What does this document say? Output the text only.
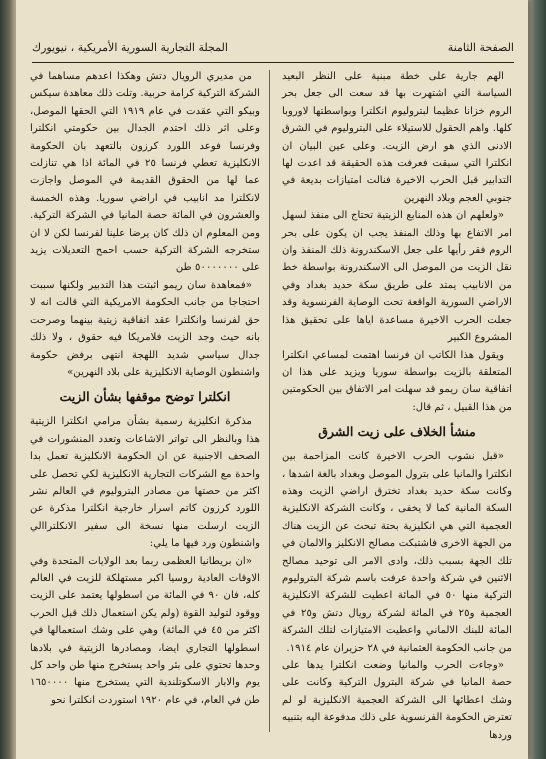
الصفحة الثامنة
المجلة التجارية السورية الأمريكية ، نيويورك

الهم جارية على خطة مبنية على النظر البعيد السياسة التي اشتهرت بها قد سعت الى جعل بحر الروم خزانا عظيما لبتروليوم انكلترا وبواسطتها لاوروبا كلها. واهم الحقول للاستيلاء على البتروليوم في الشرق الادنى الذي هو ارض الزيت. وعلى عين البيان ان انكلترا التي سبقت فعرفت هذه الحقيقة قد اعدت لها التدابير قبل الحرب الاخيرة فنالت امتيازات بديعة في جنوبي العجم وبلاد النهرين

«ولعلهم ان هذه المنابع الزيتية تحتاج الى منفذ لسهل امر الاتفاع بها وذلك المنفذ يجب ان يكون على بحر الروم فقر رأيها على جعل الاسكندرونة ذلك المنفذ وان نقل الزيت من الموصل الى الاسكندرونة بواسطة خط من الانابيب يمتد على طريق سكة حديد بغداد وفي الاراضي السورية الواقعة تحت الوصاية الفرنسوية وقد جعلت الحرب الاخيرة مساعدة اياها على تحقيق هذا المشروع الكبير

ويقول هذا الكاتب ان فرنسا اهتمت لمساعي انكلترا المتعلقة بالزيت بواسطة سوريا ويزيد على هذا ان اتفاقية سان ريمو قد سهلت امر الاتفاق بين الحكومتين من هذا القبيل ، ثم قال:

منشأ الخلاف على زيت الشرق

«قبل نشوب الحرب الاخيرة كانت المزاحمة بين انكلترا والمانيا على بترول الموصل وبغداد بالغة اشدها ، وكانت سكة حديد بغداد تخترق اراضي الزيت وهذه السكة المانية كما لا يخفى ، وكانت الشركة الانكليزية العجمية التي هي انكليزية بحتة تبحث عن الزيت هناك من الجهة الاخرى فاشتبكت مصالح الانكليز والالمان في تلك الجهة بسبب ذلك، وادى الامر الى توحيد مصالح الاثنين في شركة واحدة عرفت باسم شركة البتروليوم التركية منها ٥٠ في المائة اعطيت للشركة الانكليزية العجمية و٢٥ في المائة لشركة رويال دتش و٢٥ في المائة للبنك الالماني واعطيت الامتيازات لتلك الشركة من جانب الحكومة العثمانية في ٢٨ حزيران عام ١٩١٤.

«وجاءت الحرب والمانيا وضعت انكلترا يدها على حصة المانيا في شركة البترول التركية وكانت على وشك اعطائها الى الشركة العجمية الانكليزية لو لم تعترض الحكومة الفرنسوية على ذلك مدفوعة اليه بتنبيه وردها

من مديري الرويال دتش وهكذا اعدهم مساهما في الشركة التركية كرامة حربية. وتلت ذلك معاهدة سيكس وبيكو التي عقدت في عام ١٩١٩ التي الحقها الموصل، وعلى اثر ذلك احتدم الجدال بين حكومتي انكلترا وفرنسا فوعد اللورد كرزون بالتعهد بان الحكومة الانكليزية تعطي فرنسا ٢٥ في المائة اذا هي تنازلت عما لها من الحقوق القديمة في الموصل واجازت لانكلترا مد انابيب في اراضي سوريا. وهذه الخمسة والعشرون في المائة حصة المانيا في الشركة التركية. ومن المعلوم ان ذلك كان يرضا علينا لفرنسا لكن لا ان ستخرجه الشركة التركية حسب احمح التعديلات يزيد على ٥٠٠٠٠٠٠٠ طن

«فمعاهدة سان ريمو اثبتت هذا التدبير ولكنها سببت احتجاجا من جانب الحكومة الامريكية التي قالت انه لا حق لفرنسا وانكلترا عقد اتفاقية زيتية بينهما وصرحت بانه حيث وجد الزيت فلامريكا فيه حقوق ، ولا ذلك جدال سياسي شديد اللهجة انتهى برفض حكومة واشنطون الوصاية الانكليزية على بلاد النهرين»

انكلترا توضح موقفها بشأن الزيت

مذكرة انكليزية رسمية بشأن مرامي انكلترا الزيتية هذا وبالنظر الى تواتر الاشاعات وتعدد المنشورات في الصحف الاجنبية عن ان الحكومة الانكليزية تعمل بدا واحدة مع الشركات التجارية الانكليزية لكي تحصل على اكثر من حصتها من مصادر البتروليوم في العالم نشر اللورد كرزون كاتم اسرار خارجية انكلترا مذكرة عن الزيت ارسلت منها نسخة الى سفير الانكلتراالي واشنطون ورد فيها ما يلي:

«ان بريطانيا العظمى ربما بعد الولايات المتحدة وفي الاوقات العادية روسيا اكبر مستهلكة للزيت في العالم كله، فان ٩٠ في المائة من اسطولها يعتمد على الزيت ووقود لتوليد القوة (ولم يكن استعمال ذلك قبل الحرب اكثر من ٤٥ في المائة) وهي على وشك استعمالها في اسطولها التجاري ايضا، ومصادرها الزيتية في بلادها وحدها تحتوي على بئر واحد يستخرج منها طن واحد كل يوم والابار الاسكوتلندية التي يستخرج منها ١٦٥٠٠٠٠ طن في العام، في عام ١٩٢٠ استوردت انكلترا نحو
